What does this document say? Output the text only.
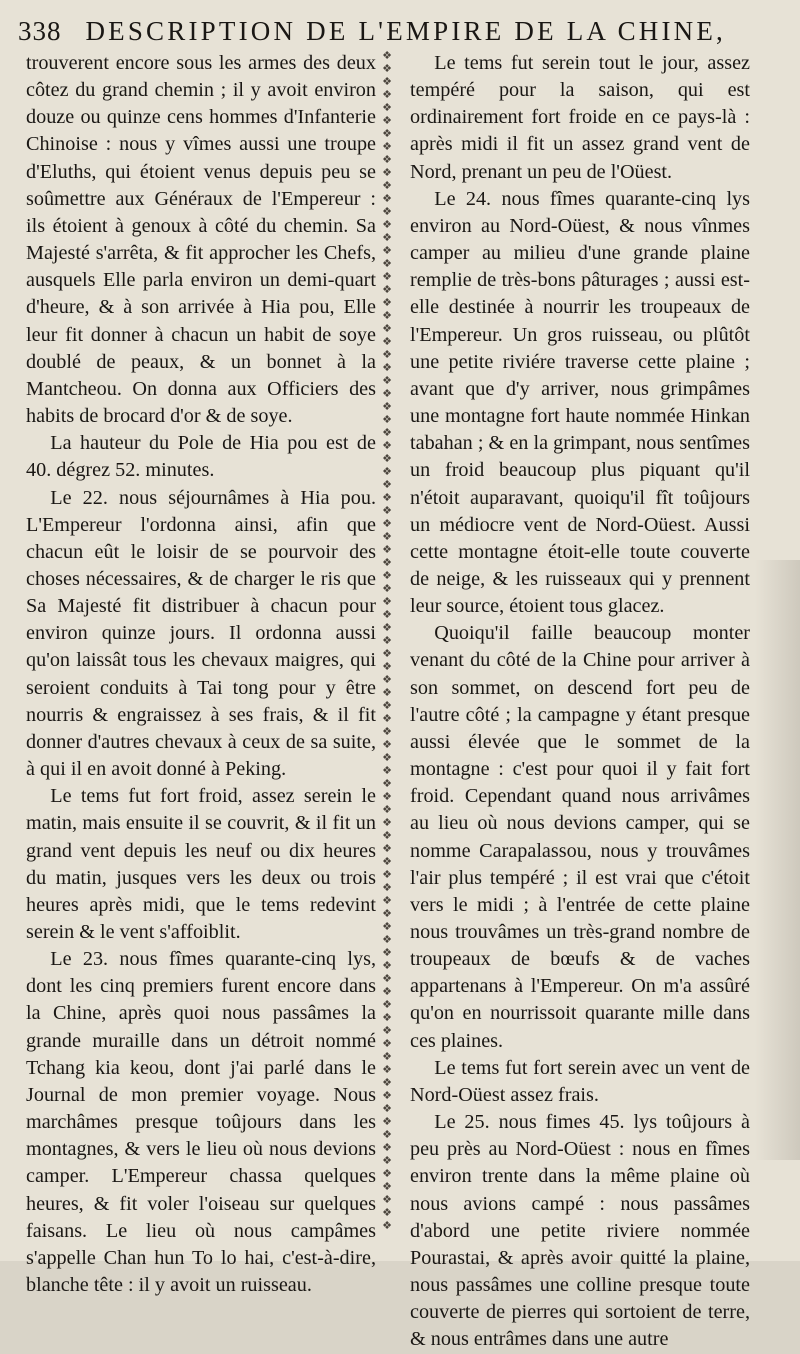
338 DESCRIPTION DE L'EMPIRE DE LA CHINE,

trouverent encore sous les armes des deux côtez du grand chemin ; il y avoit environ douze ou quinze cens hommes d'Infanterie Chinoise : nous y vîmes aussi une troupe d'Eluths, qui étoient venus depuis peu se soûmettre aux Généraux de l'Empereur : ils étoient à genoux à côté du chemin. Sa Majesté s'arrêta, & fit approcher les Chefs, ausquels Elle parla environ un demi-quart d'heure, & à son arrivée à Hia pou, Elle leur fit donner à chacun un habit de soye doublé de peaux, & un bonnet à la Mantcheou. On donna aux Officiers des habits de brocard d'or & de soye.

La hauteur du Pole de Hia pou est de 40. dégrez 52. minutes.

Le 22. nous séjournâmes à Hia pou. L'Empereur l'ordonna ainsi, afin que chacun eût le loisir de se pourvoir des choses nécessaires, & de charger le ris que Sa Majesté fit distribuer à chacun pour environ quinze jours. Il ordonna aussi qu'on laissât tous les chevaux maigres, qui seroient conduits à Tai tong pour y être nourris & engraissez à ses frais, & il fit donner d'autres chevaux à ceux de sa suite, à qui il en avoit donné à Peking.

Le tems fut fort froid, assez serein le matin, mais ensuite il se couvrit, & il fit un grand vent depuis les neuf ou dix heures du matin, jusques vers les deux ou trois heures après midi, que le tems redevint serein & le vent s'affoiblit.

Le 23. nous fîmes quarante-cinq lys, dont les cinq premiers furent encore dans la Chine, après quoi nous passâmes la grande muraille dans un détroit nommé Tchang kia keou, dont j'ai parlé dans le Journal de mon premier voyage. Nous marchâmes presque toûjours dans les montagnes, & vers le lieu où nous devions camper. L'Empereur chassa quelques heures, & fit voler l'oiseau sur quelques faisans. Le lieu où nous campâmes s'appelle Chan hun To lo hai, c'est-à-dire, blanche tête : il y avoit un ruisseau.

❖
❖
❖
❖
❖
❖
❖
❖
❖
❖
❖
❖
❖
❖
❖
❖
❖
❖
❖
❖
❖
❖
❖
❖
❖
❖
❖
❖
❖
❖
❖
❖
❖
❖
❖
❖
❖
❖
❖
❖
❖
❖
❖
❖
❖
❖
❖
❖
❖
❖
❖
❖
❖
❖
❖
❖
❖
❖
❖
❖
❖
❖
❖
❖
❖
❖
❖
❖
❖
❖
❖
❖
❖
❖
❖
❖
❖
❖
❖
❖
❖
❖
❖
❖
❖
❖
❖
❖
❖
❖
❖

Le tems fut serein tout le jour, assez tempéré pour la saison, qui est ordinairement fort froide en ce pays-là : après midi il fit un assez grand vent de Nord, prenant un peu de l'Oüest.

Le 24. nous fîmes quarante-cinq lys environ au Nord-Oüest, & nous vînmes camper au milieu d'une grande plaine remplie de très-bons pâturages ; aussi est-elle destinée à nourrir les troupeaux de l'Empereur. Un gros ruisseau, ou plûtôt une petite riviére traverse cette plaine ; avant que d'y arriver, nous grimpâmes une montagne fort haute nommée Hinkan tabahan ; & en la grimpant, nous sentîmes un froid beaucoup plus piquant qu'il n'étoit auparavant, quoiqu'il fît toûjours un médiocre vent de Nord-Oüest. Aussi cette montagne étoit-elle toute couverte de neige, & les ruisseaux qui y prennent leur source, étoient tous glacez.

Quoiqu'il faille beaucoup monter venant du côté de la Chine pour arriver à son sommet, on descend fort peu de l'autre côté ; la campagne y étant presque aussi élevée que le sommet de la montagne : c'est pour quoi il y fait fort froid. Cependant quand nous arrivâmes au lieu où nous devions camper, qui se nomme Carapalassou, nous y trouvâmes l'air plus tempéré ; il est vrai que c'étoit vers le midi ; à l'entrée de cette plaine nous trouvâmes un très-grand nombre de troupeaux de bœufs & de vaches appartenans à l'Empereur. On m'a assûré qu'on en nourrissoit quarante mille dans ces plaines.

Le tems fut fort serein avec un vent de Nord-Oüest assez frais.

Le 25. nous fimes 45. lys toûjours à peu près au Nord-Oüest : nous en fîmes environ trente dans la même plaine où nous avions campé : nous passâmes d'abord une petite riviere nommée Pourastai, & après avoir quitté la plaine, nous passâmes une colline presque toute couverte de pierres qui sortoient de terre, & nous entrâmes dans une autre
